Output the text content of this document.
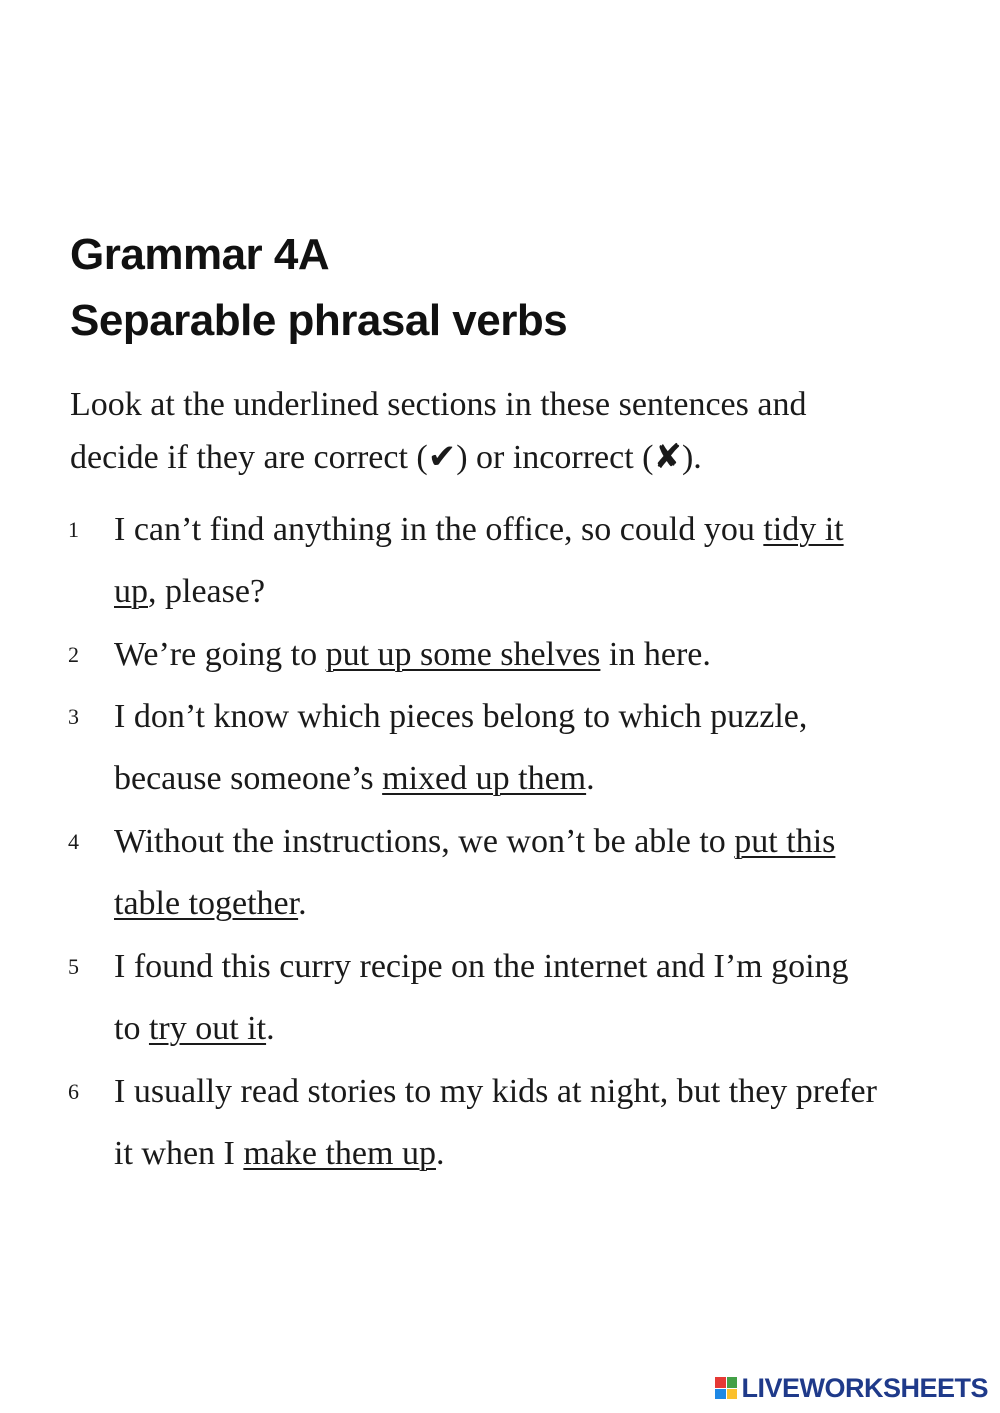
Grammar 4A
Separable phrasal verbs
Look at the underlined sections in these sentences and
decide if they are correct (✔) or incorrect (✘).
1 I can’t find anything in the office, so could you tidy it
up, please?
2 We’re going to put up some shelves in here.
3 I don’t know which pieces belong to which puzzle,
because someone’s mixed up them.
4 Without the instructions, we won’t be able to put this
table together.
5 I found this curry recipe on the internet and I’m going
to try out it.
6 I usually read stories to my kids at night, but they prefer
it when I make them up.
LIVEWORKSHEETS
